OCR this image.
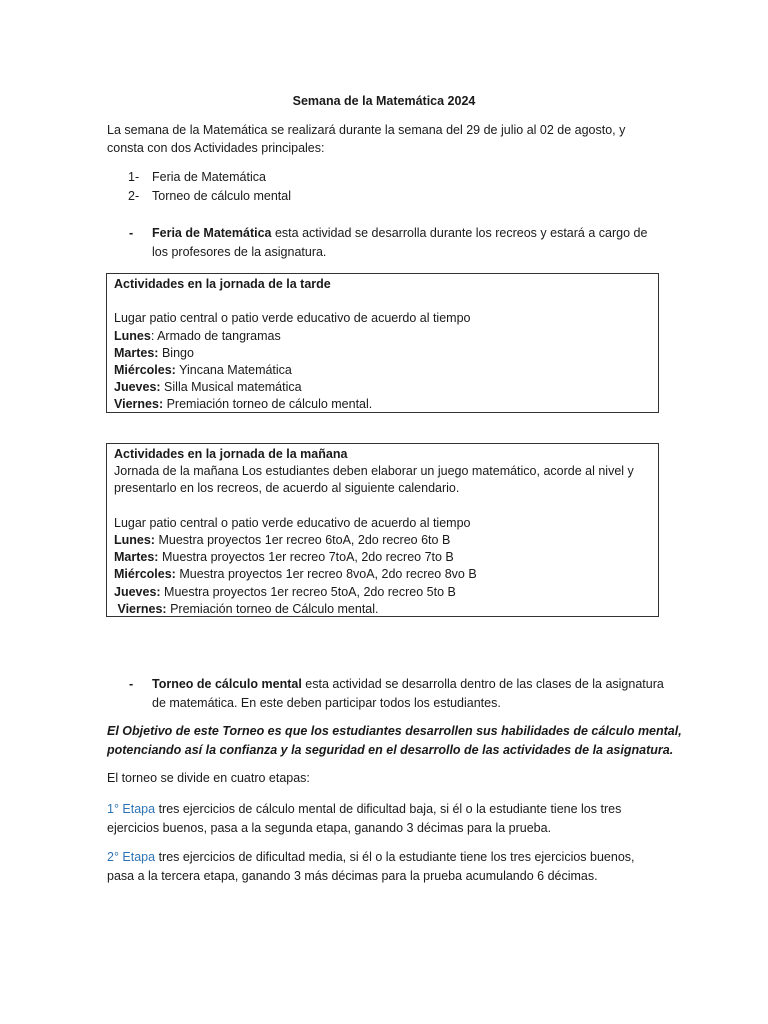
Semana de la Matemática 2024
La semana de la Matemática se realizará durante la semana del 29 de julio al 02 de agosto, y
consta con dos Actividades principales:
1- Feria de Matemática
2- Torneo de cálculo mental
- Feria de Matemática esta actividad se desarrolla durante los recreos y estará a cargo de
los profesores de la asignatura.
Actividades en la jornada de la tarde
Lugar patio central o patio verde educativo de acuerdo al tiempo
Lunes: Armado de tangramas
Martes: Bingo
Miércoles: Yincana Matemática
Jueves: Silla Musical matemática
Viernes: Premiación torneo de cálculo mental.
Actividades en la jornada de la mañana
Jornada de la mañana Los estudiantes deben elaborar un juego matemático, acorde al nivel y
presentarlo en los recreos, de acuerdo al siguiente calendario.
Lugar patio central o patio verde educativo de acuerdo al tiempo
Lunes: Muestra proyectos 1er recreo 6toA, 2do recreo 6to B
Martes: Muestra proyectos 1er recreo 7toA, 2do recreo 7to B
Miércoles: Muestra proyectos 1er recreo 8voA, 2do recreo 8vo B
Jueves: Muestra proyectos 1er recreo 5toA, 2do recreo 5to B
Viernes: Premiación torneo de Cálculo mental.
- Torneo de cálculo mental esta actividad se desarrolla dentro de las clases de la asignatura
de matemática. En este deben participar todos los estudiantes.
El Objetivo de este Torneo es que los estudiantes desarrollen sus habilidades de cálculo mental,
potenciando así la confianza y la seguridad en el desarrollo de las actividades de la asignatura.
El torneo se divide en cuatro etapas:
1° Etapa tres ejercicios de cálculo mental de dificultad baja, si él o la estudiante tiene los tres
ejercicios buenos, pasa a la segunda etapa, ganando 3 décimas para la prueba.
2° Etapa tres ejercicios de dificultad media, si él o la estudiante tiene los tres ejercicios buenos,
pasa a la tercera etapa, ganando 3 más décimas para la prueba acumulando 6 décimas.
